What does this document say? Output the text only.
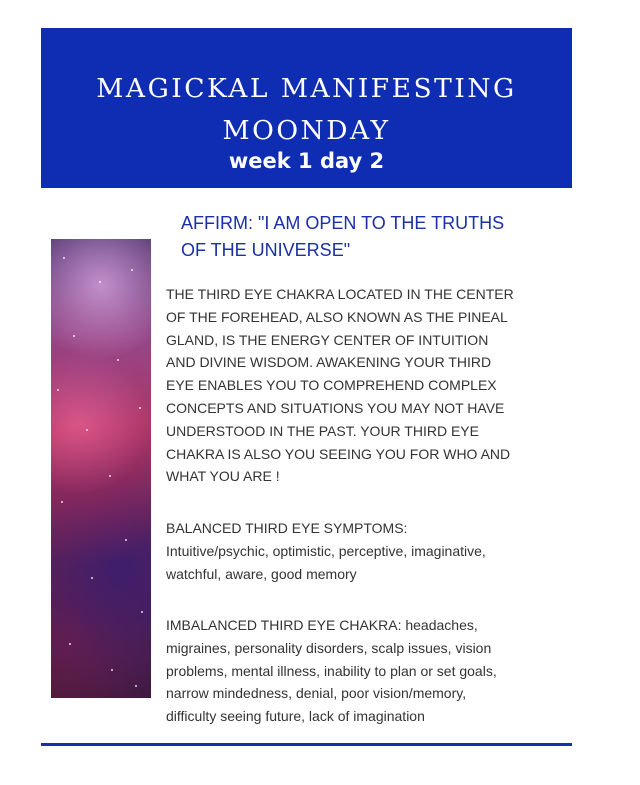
MAGICKAL MANIFESTING
MOONDAY
week 1 day 2

AFFIRM: "I AM OPEN TO THE TRUTHS
OF THE UNIVERSE"

THE THIRD EYE CHAKRA LOCATED IN THE CENTER
OF THE FOREHEAD, ALSO KNOWN AS THE PINEAL
GLAND, IS THE ENERGY CENTER OF INTUITION
AND DIVINE WISDOM. AWAKENING YOUR THIRD
EYE ENABLES YOU TO COMPREHEND COMPLEX
CONCEPTS AND SITUATIONS YOU MAY NOT HAVE
UNDERSTOOD IN THE PAST. YOUR THIRD EYE
CHAKRA IS ALSO YOU SEEING YOU FOR WHO AND
WHAT YOU ARE !

BALANCED THIRD EYE SYMPTOMS:
Intuitive/psychic, optimistic, perceptive, imaginative,
watchful, aware, good memory

IMBALANCED THIRD EYE CHAKRA: headaches,
migraines, personality disorders, scalp issues, vision
problems, mental illness, inability to plan or set goals,
narrow mindedness, denial, poor vision/memory,
difficulty seeing future, lack of imagination
